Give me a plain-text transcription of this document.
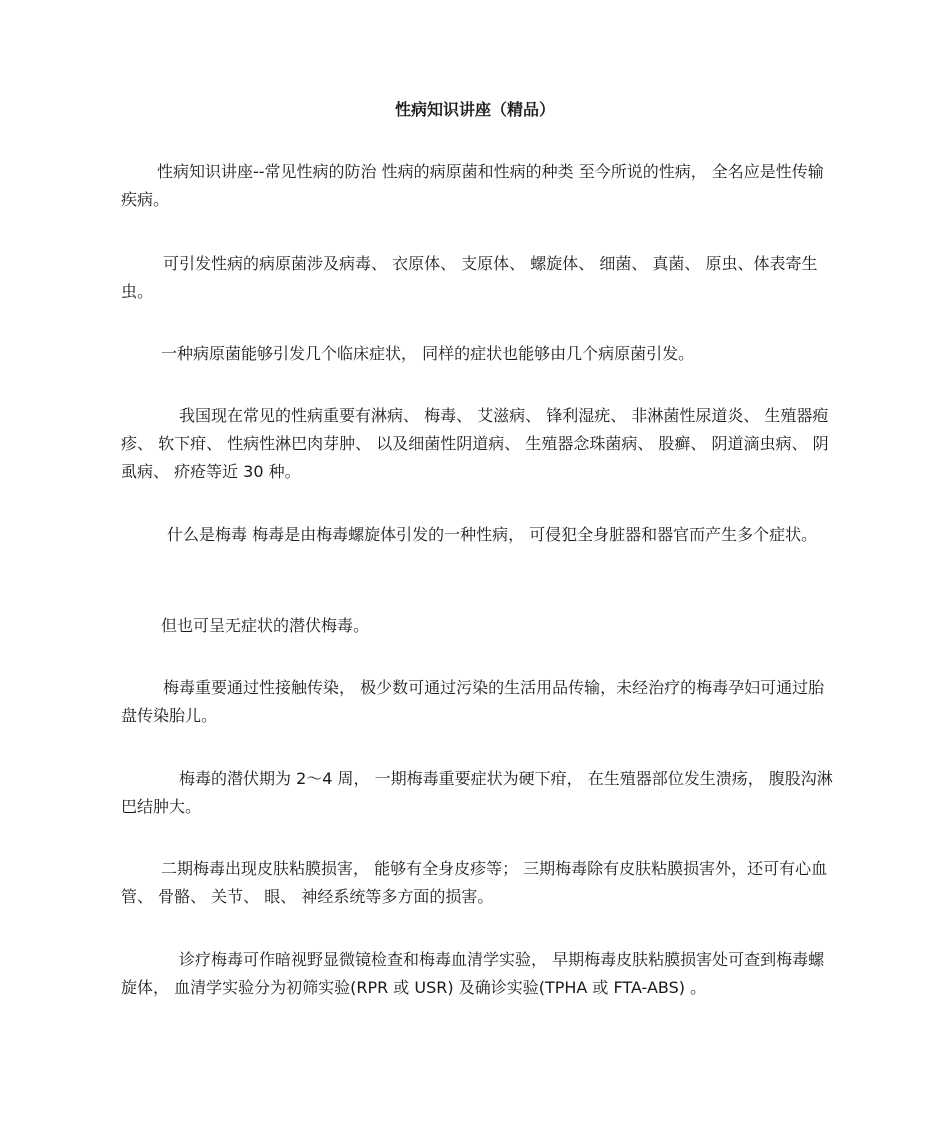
性病知识讲座（精品）

性病知识讲座--常见性病的防治 性病的病原菌和性病的种类 至今所说的性病， 全名应是性传输疾病。

可引发性病的病原菌涉及病毒、 衣原体、 支原体、 螺旋体、 细菌、 真菌、 原虫、体表寄生虫。

一种病原菌能够引发几个临床症状， 同样的症状也能够由几个病原菌引发。

我国现在常见的性病重要有淋病、 梅毒、 艾滋病、 锋利湿疣、 非淋菌性尿道炎、 生殖器疱疹、 软下疳、 性病性淋巴肉芽肿、 以及细菌性阴道病、 生殖器念珠菌病、 股癣、 阴道滴虫病、 阴虱病、 疥疮等近 30 种。

什么是梅毒 梅毒是由梅毒螺旋体引发的一种性病， 可侵犯全身脏器和器官而产生多个症状。

但也可呈无症状的潜伏梅毒。

梅毒重要通过性接触传染， 极少数可通过污染的生活用品传输，未经治疗的梅毒孕妇可通过胎盘传染胎儿。

梅毒的潜伏期为 2～4 周， 一期梅毒重要症状为硬下疳， 在生殖器部位发生溃疡， 腹股沟淋巴结肿大。

二期梅毒出现皮肤粘膜损害， 能够有全身皮疹等； 三期梅毒除有皮肤粘膜损害外，还可有心血管、 骨骼、 关节、 眼、 神经系统等多方面的损害。

诊疗梅毒可作暗视野显微镜检查和梅毒血清学实验， 早期梅毒皮肤粘膜损害处可查到梅毒螺旋体， 血清学实验分为初筛实验(RPR 或 USR) 及确诊实验(TPHA 或 FTA-ABS) 。
